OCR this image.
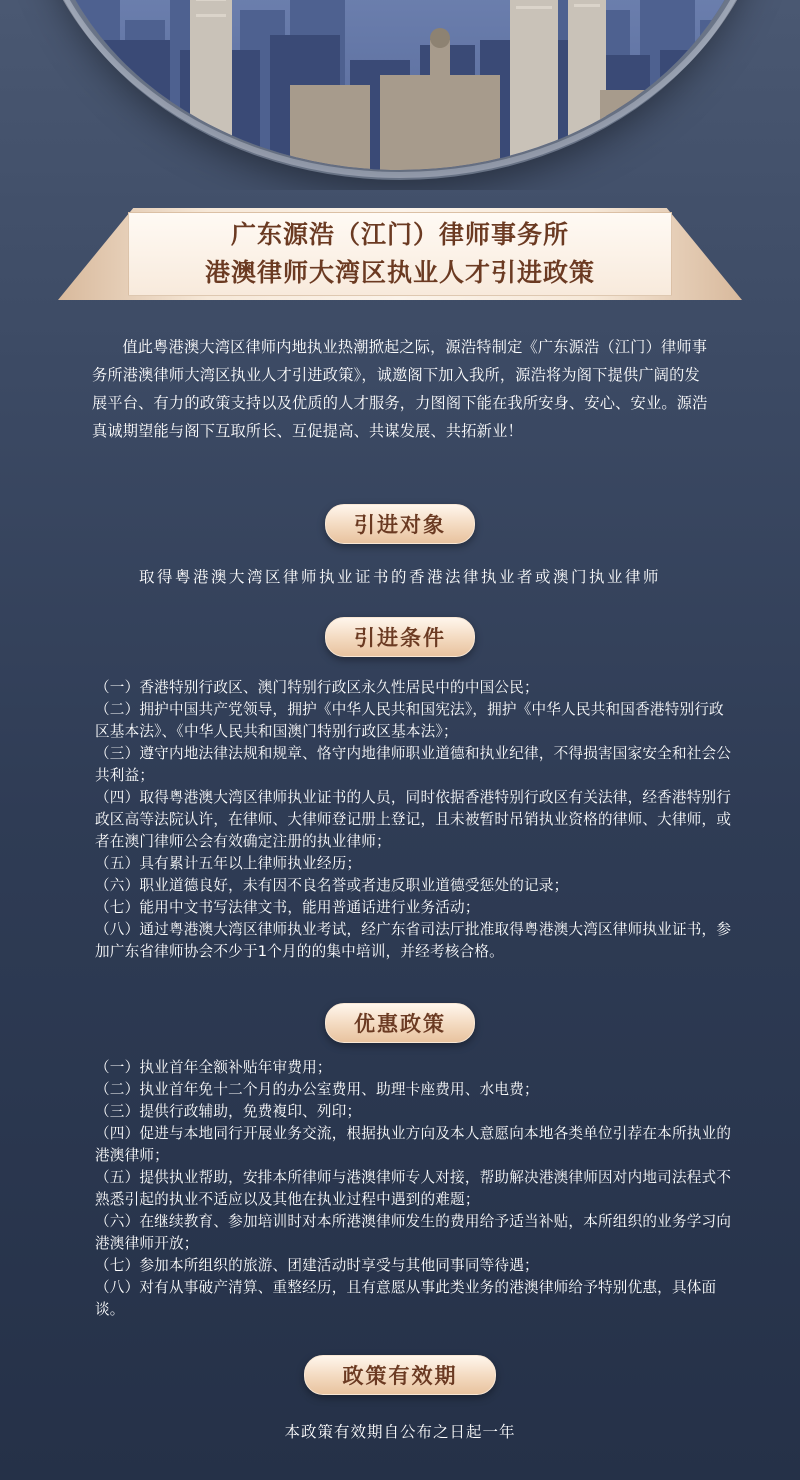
广东源浩（江门）律师事务所
港澳律师大湾区执业人才引进政策

值此粤港澳大湾区律师内地执业热潮掀起之际，源浩特制定《广东源浩（江门）律师事务所港澳律师大湾区执业人才引进政策》，诚邀阁下加入我所，源浩将为阁下提供广阔的发展平台、有力的政策支持以及优质的人才服务，力图阁下能在我所安身、安心、安业。源浩真诚期望能与阁下互取所长、互促提高、共谋发展、共拓新业！

引进对象
取得粤港澳大湾区律师执业证书的香港法律执业者或澳门执业律师
引进条件
（一）香港特别行政区、澳门特别行政区永久性居民中的中国公民；
（二）拥护中国共产党领导，拥护《中华人民共和国宪法》，拥护《中华人民共和国香港特别行政区基本法》、《中华人民共和国澳门特别行政区基本法》；
（三）遵守内地法律法规和规章、恪守内地律师职业道德和执业纪律，不得损害国家安全和社会公共利益；
（四）取得粤港澳大湾区律师执业证书的人员，同时依据香港特别行政区有关法律，经香港特别行政区高等法院认许，在律师、大律师登记册上登记，且未被暂时吊销执业资格的律师、大律师，或者在澳门律师公会有效确定注册的执业律师；
（五）具有累计五年以上律师执业经历；
（六）职业道德良好，未有因不良名誉或者违反职业道德受惩处的记录；
（七）能用中文书写法律文书，能用普通话进行业务活动；
（八）通过粤港澳大湾区律师执业考试，经广东省司法厅批准取得粤港澳大湾区律师执业证书，参加广东省律师协会不少于1个月的的集中培训，并经考核合格。
优惠政策
（一）执业首年全额补贴年审费用；
（二）执业首年免十二个月的办公室费用、助理卡座费用、水电费；
（三）提供行政辅助，免费複印、列印；
（四）促进与本地同行开展业务交流，根据执业方向及本人意愿向本地各类单位引荐在本所执业的港澳律师；
（五）提供执业帮助，安排本所律师与港澳律师专人对接，帮助解决港澳律师因对内地司法程式不熟悉引起的执业不适应以及其他在执业过程中遇到的难题；
（六）在继续教育、参加培训时对本所港澳律师发生的费用给予适当补贴，本所组织的业务学习向港澳律师开放；
（七）参加本所组织的旅游、团建活动时享受与其他同事同等待遇；
（八）对有从事破产清算、重整经历，且有意愿从事此类业务的港澳律师给予特别优惠，具体面谈。
政策有效期
本政策有效期自公布之日起一年
